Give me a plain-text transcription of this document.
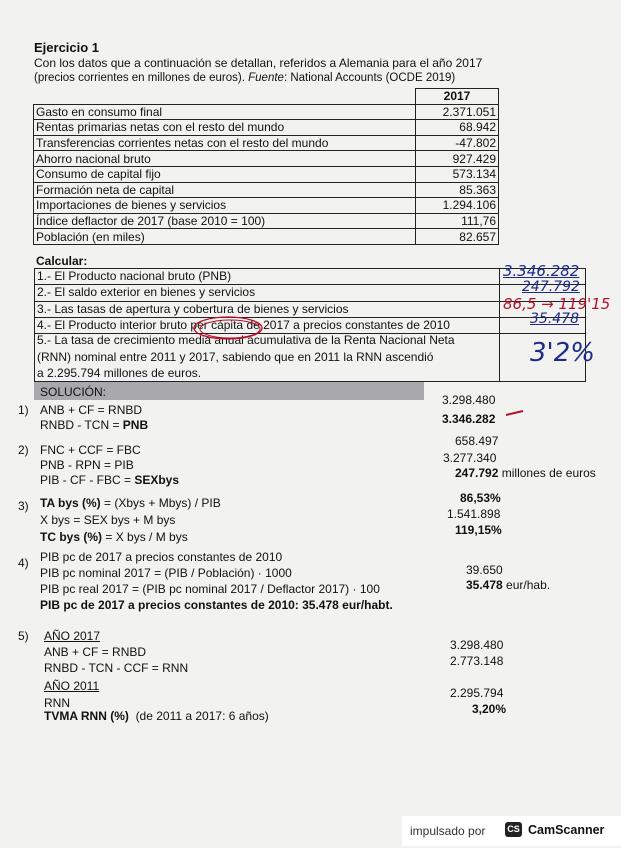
Ejercicio 1
Con los datos que a continuación se detallan, referidos a Alemania para el año 2017
(precios corrientes en millones de euros). Fuente: National Accounts (OCDE 2019)
	2017
Gasto en consumo final	2.371.051
Rentas primarias netas con el resto del mundo	68.942
Transferencias corrientes netas con el resto del mundo	-47.802
Ahorro nacional bruto	927.429
Consumo de capital fijo	573.134
Formación neta de capital	85.363
Importaciones de bienes y servicios	1.294.106
Índice deflactor de 2017 (base 2010 = 100)	111,76
Población (en miles)	82.657
Calcular:
1.- El Producto nacional bruto (PNB)
2.- El saldo exterior en bienes y servicios
3.- Las tasas de apertura y cobertura de bienes y servicios
4.- El Producto interior bruto per cápita de 2017 a precios constantes de 2010
5.- La tasa de crecimiento media anual acumulativa de la Renta Nacional Neta
(RNN) nominal entre 2011 y 2017, sabiendo que en 2011 la RNN ascendió
a 2.295.794 millones de euros.
3.346.282
247.792
86,5 → 119'15
35.478
3'2%
SOLUCIÓN:
1) ANB + CF = RNBD
RNBD - TCN = PNB
3.298.480
3.346.282
2) FNC + CCF = FBC
PNB - RPN = PIB
PIB - CF - FBC = SEXbys
658.497
3.277.340
247.792 millones de euros
3) TA bys (%) = (Xbys + Mbys) / PIB
X bys = SEX bys + M bys
TC bys (%) = X bys / M bys
86,53%
1.541.898
119,15%
4) PIB pc de 2017 a precios constantes de 2010
PIB pc nominal 2017 = (PIB / Población) · 1000
PIB pc real 2017 = (PIB pc nominal 2017 / Deflactor 2017) · 100
PIB pc de 2017 a precios constantes de 2010: 35.478 eur/habt.
39.650
35.478 eur/hab.
5) AÑO 2017
ANB + CF = RNBD
RNBD - TCN - CCF = RNN
AÑO 2011
RNN
TVMA RNN (%) (de 2011 a 2017: 6 años)
3.298.480
2.773.148
2.295.794
3,20%
impulsado por CS CamScanner
